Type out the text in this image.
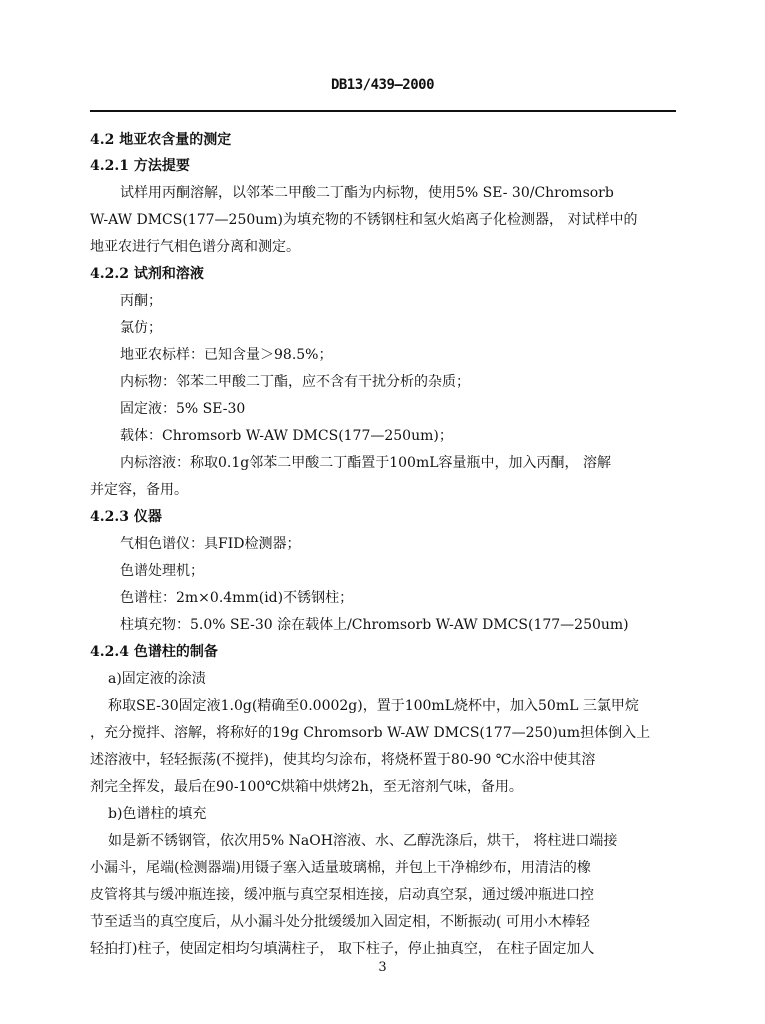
DB13/439—2000
4.2 地亚农含量的测定
4.2.1 方法提要
试样用丙酮溶解，以邻苯二甲酸二丁酯为内标物，使用5% SE- 30/Chromsorb
W-AW DMCS(177—250um)为填充物的不锈钢柱和氢火焰离子化检测器， 对试样中的
地亚农进行气相色谱分离和测定。
4.2.2 试剂和溶液
丙酮；
氯仿；
地亚农标样：已知含量＞98.5%；
内标物：邻苯二甲酸二丁酯，应不含有干扰分析的杂质；
固定液：5% SE-30
载体：Chromsorb W-AW DMCS(177—250um)；
内标溶液：称取0.1g邻苯二甲酸二丁酯置于100mL容量瓶中，加入丙酮， 溶解
并定容，备用。
4.2.3 仪器
气相色谱仪：具FID检测器；
色谱处理机；
色谱柱：2m×0.4mm(id)不锈钢柱；
柱填充物：5.0% SE-30 涂在载体上/Chromsorb W-AW DMCS(177—250um)
4.2.4 色谱柱的制备
a)固定液的涂渍
称取SE-30固定液1.0g(精确至0.0002g)，置于100mL烧杯中，加入50mL 三氯甲烷
，充分搅拌、溶解，将称好的19g Chromsorb W-AW DMCS(177—250)um担体倒入上
述溶液中，轻轻振荡(不搅拌)，使其均匀涂布，将烧杯置于80-90 ℃水浴中使其溶
剂完全挥发，最后在90-100℃烘箱中烘烤2h，至无溶剂气味，备用。
b)色谱柱的填充
如是新不锈钢管，依次用5% NaOH溶液、水、乙醇洗涤后，烘干， 将柱进口端接
小漏斗，尾端(检测器端)用镊子塞入适量玻璃棉，并包上干净棉纱布，用清洁的橡
皮管将其与缓冲瓶连接，缓冲瓶与真空泵相连接，启动真空泵，通过缓冲瓶进口控
节至适当的真空度后，从小漏斗处分批缓缓加入固定相，不断振动( 可用小木棒轻
轻拍打)柱子，使固定相均匀填满柱子， 取下柱子，停止抽真空， 在柱子固定加人
3
